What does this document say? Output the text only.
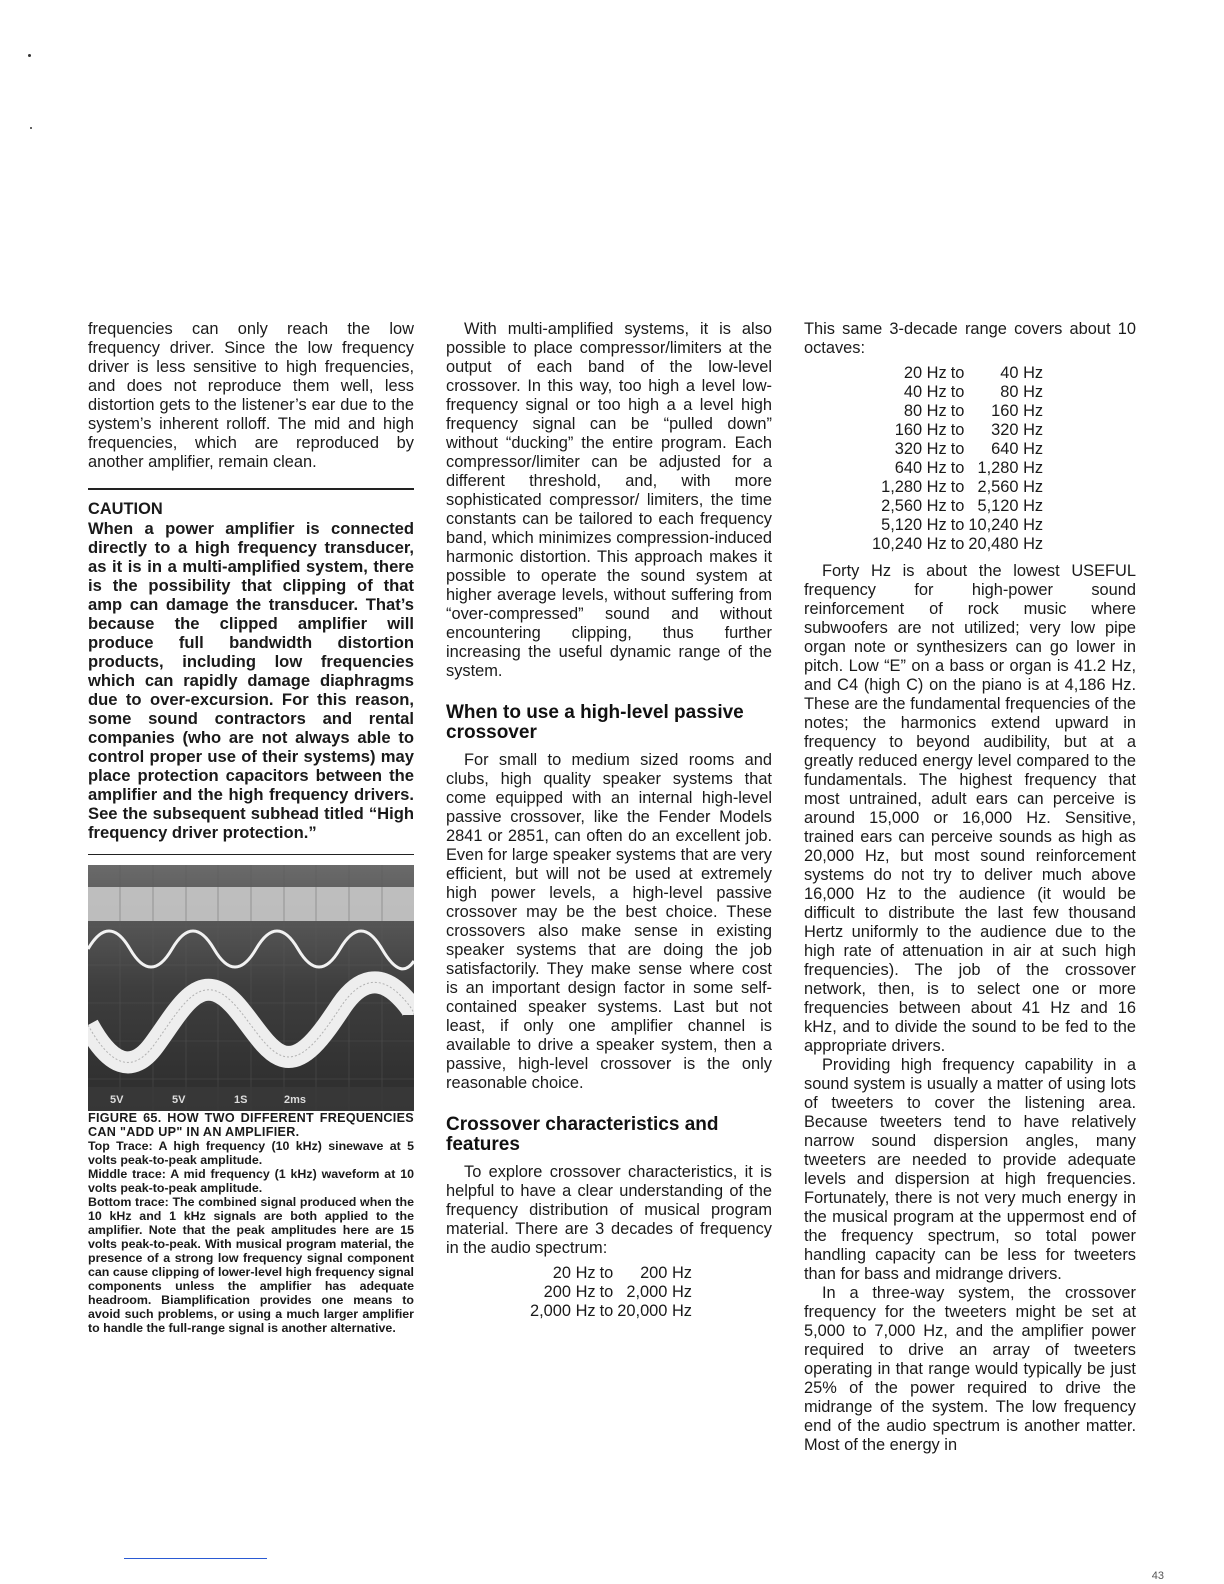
frequencies can only reach the low frequency driver. Since the low frequency driver is less sensitive to high frequencies, and does not reproduce them well, less distortion gets to the listener’s ear due to the system’s inherent rolloff. The mid and high frequencies, which are reproduced by another amplifier, remain clean.

CAUTION

When a power amplifier is connected directly to a high frequency transducer, as it is in a multi-amplified system, there is the possibility that clipping of that amp can damage the transducer. That’s because the clipped amplifier will produce full bandwidth distortion products, including low frequencies which can rapidly damage diaphragms due to over-excursion. For this reason, some sound contractors and rental companies (who are not always able to control proper use of their systems) may place protection capacitors between the amplifier and the high frequency drivers. See the subsequent subhead titled “High frequency driver protection.”

5V	5V	1S	2ms

FIGURE 65. HOW TWO DIFFERENT FREQUENCIES CAN "ADD UP" IN AN AMPLIFIER.

Top Trace: A high frequency (10 kHz) sinewave at 5 volts peak-to-peak amplitude.

Middle trace: A mid frequency (1 kHz) waveform at 10 volts peak-to-peak amplitude.

Bottom trace: The combined signal produced when the 10 kHz and 1 kHz signals are both applied to the amplifier. Note that the peak amplitudes here are 15 volts peak-to-peak. With musical program material, the presence of a strong low frequency signal component can cause clipping of lower-level high frequency signal components unless the amplifier has adequate headroom. Biamplification provides one means to avoid such problems, or using a much larger amplifier to handle the full-range signal is another alternative.

With multi-amplified systems, it is also possible to place compressor/limiters at the output of each band of the low-level crossover. In this way, too high a level low-frequency signal or too high a a level high frequency signal can be “pulled down” without “ducking” the entire program. Each compressor/limiter can be adjusted for a different threshold, and, with more sophisticated compressor/ limiters, the time constants can be tailored to each frequency band, which minimizes compression-induced harmonic distortion. This approach makes it possible to operate the sound system at higher average levels, without suffering from “over-compressed” sound and without encountering clipping, thus further increasing the useful dynamic range of the system.

When to use a high-level passive crossover

For small to medium sized rooms and clubs, high quality speaker systems that come equipped with an internal high-level passive crossover, like the Fender Models 2841 or 2851, can often do an excellent job. Even for large speaker systems that are very efficient, but will not be used at extremely high power levels, a high-level passive crossover may be the best choice. These crossovers also make sense in existing speaker systems that are doing the job satisfactorily. They make sense where cost is an important design factor in some self-contained speaker systems. Last but not least, if only one amplifier channel is available to drive a speaker system, then a passive, high-level crossover is the only reasonable choice.

Crossover characteristics and features

To explore crossover characteristics, it is helpful to have a clear understanding of the frequency distribution of musical program material. There are 3 decades of frequency in the audio spectrum:

20 Hz	to	200 Hz
200 Hz	to	2,000 Hz
2,000 Hz	to	20,000 Hz

This same 3-decade range covers about 10 octaves:

20 Hz	to	40 Hz
40 Hz	to	80 Hz
80 Hz	to	160 Hz
160 Hz	to	320 Hz
320 Hz	to	640 Hz
640 Hz	to	1,280 Hz
1,280 Hz	to	2,560 Hz
2,560 Hz	to	5,120 Hz
5,120 Hz	to	10,240 Hz
10,240 Hz	to	20,480 Hz

Forty Hz is about the lowest USEFUL frequency for high-power sound reinforcement of rock music where subwoofers are not utilized; very low pipe organ note or synthesizers can go lower in pitch. Low “E” on a bass or organ is 41.2 Hz, and C4 (high C) on the piano is at 4,186 Hz. These are the fundamental frequencies of the notes; the harmonics extend upward in frequency to beyond audibility, but at a greatly reduced energy level compared to the fundamentals. The highest frequency that most untrained, adult ears can perceive is around 15,000 or 16,000 Hz. Sensitive, trained ears can perceive sounds as high as 20,000 Hz, but most sound reinforcement systems do not try to deliver much above 16,000 Hz to the audience (it would be difficult to distribute the last few thousand Hertz uniformly to the audience due to the high rate of attenuation in air at such high frequencies). The job of the crossover network, then, is to select one or more frequencies between about 41 Hz and 16 kHz, and to divide the sound to be fed to the appropriate drivers.

Providing high frequency capability in a sound system is usually a matter of using lots of tweeters to cover the listening area. Because tweeters tend to have relatively narrow sound dispersion angles, many tweeters are needed to provide adequate levels and dispersion at high frequencies. Fortunately, there is not very much energy in the musical program at the uppermost end of the frequency spectrum, so total power handling capacity can be less for tweeters than for bass and midrange drivers.

In a three-way system, the crossover frequency for the tweeters might be set at 5,000 to 7,000 Hz, and the amplifier power required to drive an array of tweeters operating in that range would typically be just 25% of the power required to drive the midrange of the system. The low frequency end of the audio spectrum is another matter. Most of the energy in

43
